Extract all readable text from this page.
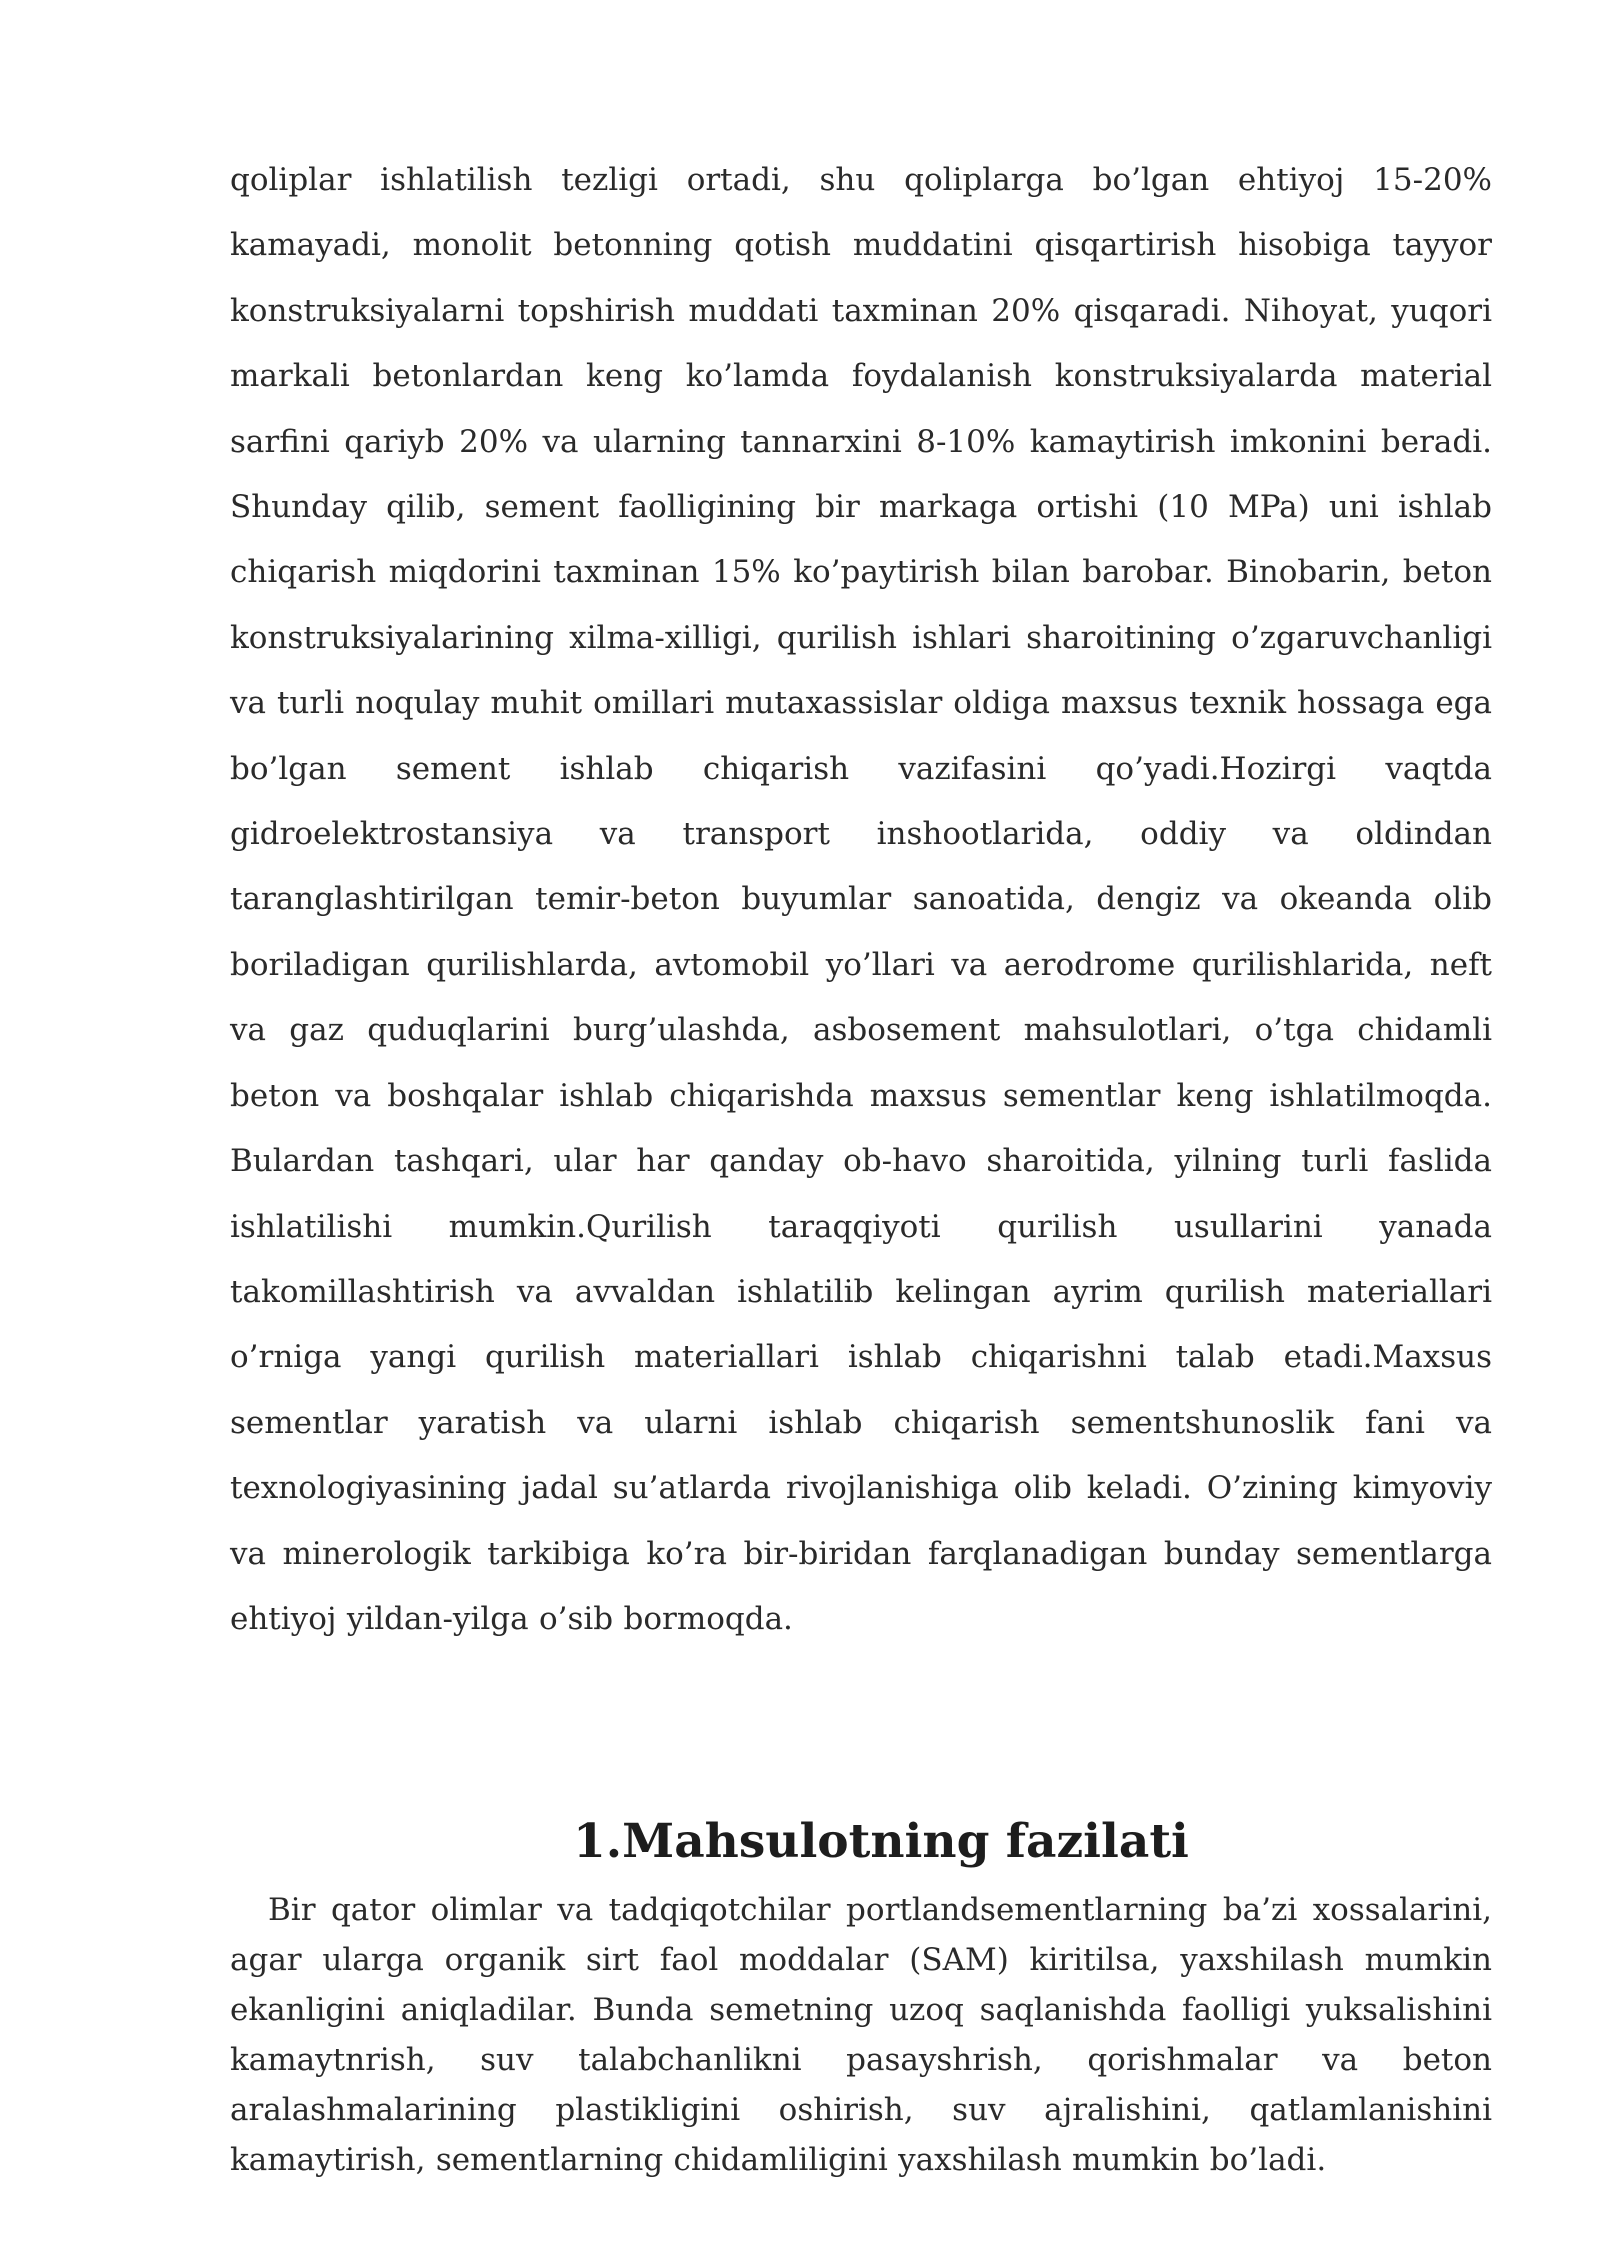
qoliplar ishlatilish tezligi ortadi, shu qoliplarga bo’lgan ehtiyoj 15-20% kamayadi, monolit betonning qotish muddatini qisqartirish hisobiga tayyor konstruksiyalarni topshirish muddati taxminan 20% qisqaradi. Nihoyat, yuqori markali betonlardan keng ko’lamda foydalanish konstruksiyalarda material sarfini qariyb 20% va ularning tannarxini 8-10% kamaytirish imkonini beradi. Shunday qilib, sement faolligining bir markaga ortishi (10 MPa) uni ishlab chiqarish miqdorini taxminan 15% ko’paytirish bilan barobar. Binobarin, beton konstruksiyalarining xilma-xilligi, qurilish ishlari sharoitining o’zgaruvchanligi va turli noqulay muhit omillari mutaxassislar oldiga maxsus texnik hossaga ega bo’lgan sement ishlab chiqarish vazifasini qo’yadi.Hozirgi vaqtda gidroelektrostansiya va transport inshootlarida, oddiy va oldindan taranglashtirilgan temir-beton buyumlar sanoatida, dengiz va okeanda olib boriladigan qurilishlarda, avtomobil yo’llari va aerodrome qurilishlarida, neft va gaz quduqlarini burg’ulashda, asbosement mahsulotlari, o’tga chidamli beton va boshqalar ishlab chiqarishda maxsus sementlar keng ishlatilmoqda. Bulardan tashqari, ular har qanday ob-havo sharoitida, yilning turli faslida ishlatilishi mumkin.Qurilish taraqqiyoti qurilish usullarini yanada takomillashtirish va avvaldan ishlatilib kelingan ayrim qurilish materiallari o’rniga yangi qurilish materiallari ishlab chiqarishni talab etadi.Maxsus sementlar yaratish va ularni ishlab chiqarish sementshunoslik fani va texnologiyasining jadal su’atlarda rivojlanishiga olib keladi. O’zining kimyoviy va minerologik tarkibiga ko’ra bir-biridan farqlanadigan bunday sementlarga ehtiyoj yildan-yilga o’sib bormoqda.

1.Mahsulotning fazilati

Bir qator olimlar va tadqiqotchilar portlandsementlarning ba’zi xossalarini, agar ularga organik sirt faol moddalar (SAM) kiritilsa, yaxshilash mumkin ekanligini aniqladilar. Bunda semetning uzoq saqlanishda faolligi yuksalishini kamaytnrish, suv talabchanlikni pasayshrish, qorishmalar va beton aralashmalarining plastikligini oshirish, suv ajralishini, qatlamlanishini kamaytirish, sementlarning chidamliligini yaxshilash mumkin bo’ladi.
